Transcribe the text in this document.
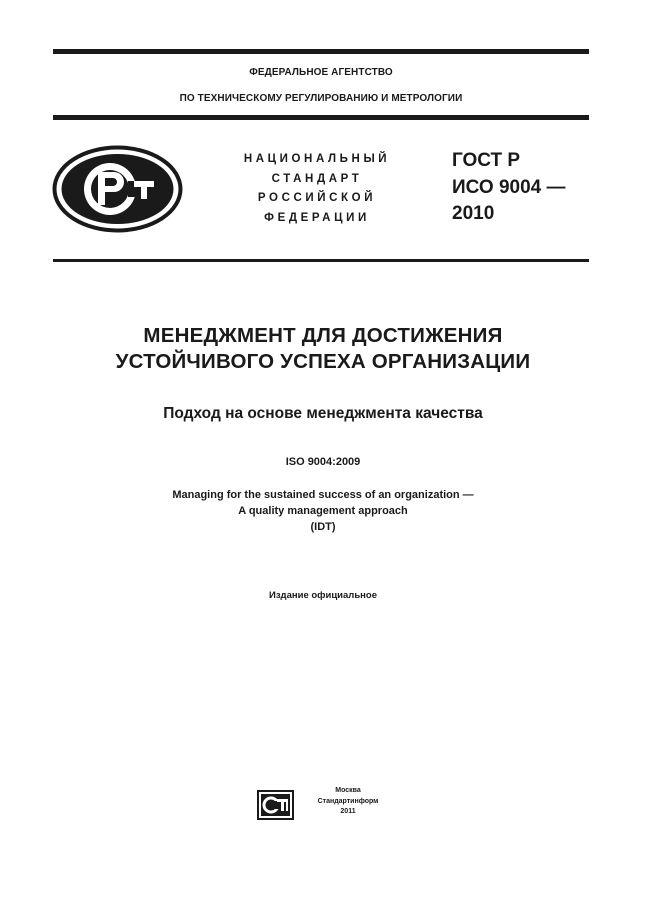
ФЕДЕРАЛЬНОЕ АГЕНТСТВО
ПО ТЕХНИЧЕСКОМУ РЕГУЛИРОВАНИЮ И МЕТРОЛОГИИ
НАЦИОНАЛЬНЫЙ
СТАНДАРТ
РОССИЙСКОЙ
ФЕДЕРАЦИИ
ГОСТ Р
ИСО 9004 —
2010
МЕНЕДЖМЕНТ ДЛЯ ДОСТИЖЕНИЯ
УСТОЙЧИВОГО УСПЕХА ОРГАНИЗАЦИИ
Подход на основе менеджмента качества
ISO 9004:2009
Managing for the sustained success of an organization —
A quality management approach
(IDT)
Издание официальное
Москва
Стандартинформ
2011
